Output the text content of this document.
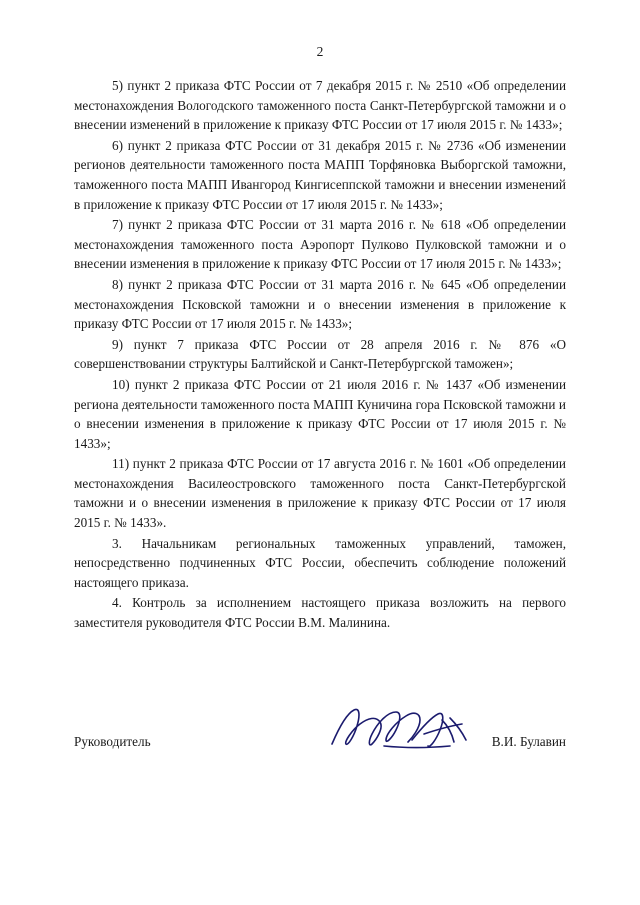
2

5) пункт 2 приказа ФТС России от 7 декабря 2015 г. № 2510 «Об определении местонахождения Вологодского таможенного поста Санкт-Петербургской таможни и о внесении изменений в приложение к приказу ФТС России от 17 июля 2015 г. № 1433»;

6) пункт 2 приказа ФТС России от 31 декабря 2015 г. № 2736 «Об изменении регионов деятельности таможенного поста МАПП Торфяновка Выборгской таможни, таможенного поста МАПП Ивангород Кингисеппской таможни и внесении изменений в приложение к приказу ФТС России от 17 июля 2015 г. № 1433»;

7) пункт 2 приказа ФТС России от 31 марта 2016 г. № 618 «Об определении местонахождения таможенного поста Аэропорт Пулково Пулковской таможни и о внесении изменения в приложение к приказу ФТС России от 17 июля 2015 г. № 1433»;

8) пункт 2 приказа ФТС России от 31 марта 2016 г. № 645 «Об определении местонахождения Псковской таможни и о внесении изменения в приложение к приказу ФТС России от 17 июля 2015 г. № 1433»;

9) пункт 7 приказа ФТС России от 28 апреля 2016 г. № 876 «О совершенствовании структуры Балтийской и Санкт-Петербургской таможен»;

10) пункт 2 приказа ФТС России от 21 июля 2016 г. № 1437 «Об изменении региона деятельности таможенного поста МАПП Куничина гора Псковской таможни и о внесении изменения в приложение к приказу ФТС России от 17 июля 2015 г. № 1433»;

11) пункт 2 приказа ФТС России от 17 августа 2016 г. № 1601 «Об определении местонахождения Василеостровского таможенного поста Санкт-Петербургской таможни и о внесении изменения в приложение к приказу ФТС России от 17 июля 2015 г. № 1433».

3. Начальникам региональных таможенных управлений, таможен, непосредственно подчиненных ФТС России, обеспечить соблюдение положений настоящего приказа.

4. Контроль за исполнением настоящего приказа возложить на первого заместителя руководителя ФТС России В.М. Малинина.

Руководитель	В.И. Булавин
